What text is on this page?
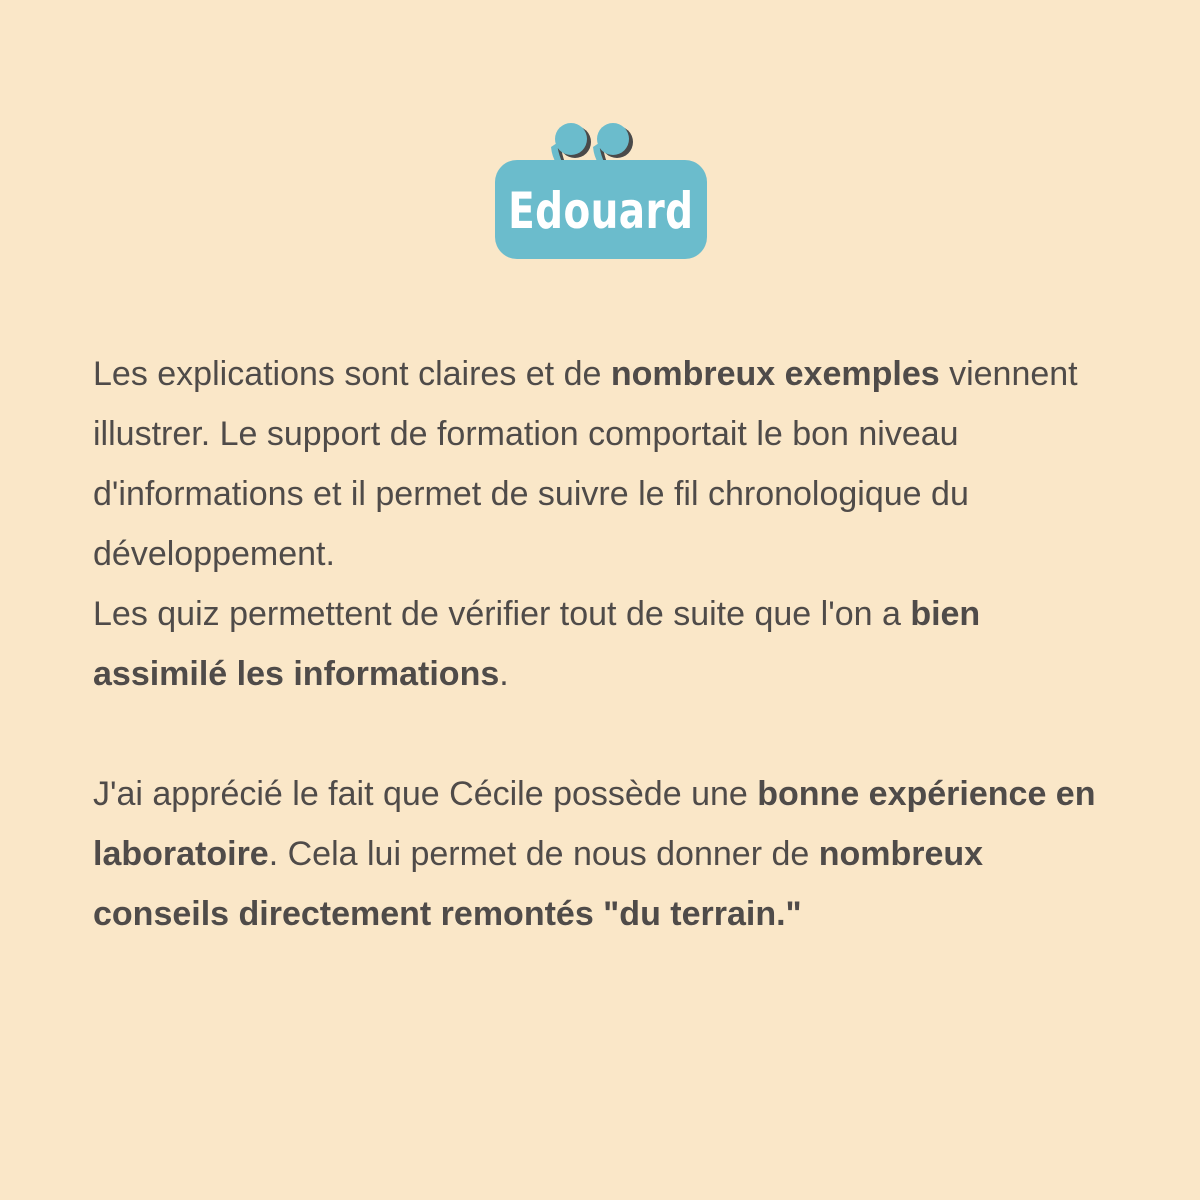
Edouard

Les explications sont claires et de nombreux exemples viennent illustrer. Le support de formation comportait le bon niveau d'informations et il permet de suivre le fil chronologique du développement.

Les quiz permettent de vérifier tout de suite que l'on a bien assimilé les informations.

J'ai apprécié le fait que Cécile possède une bonne expérience en laboratoire. Cela lui permet de nous donner de nombreux conseils directement remontés "du terrain."
